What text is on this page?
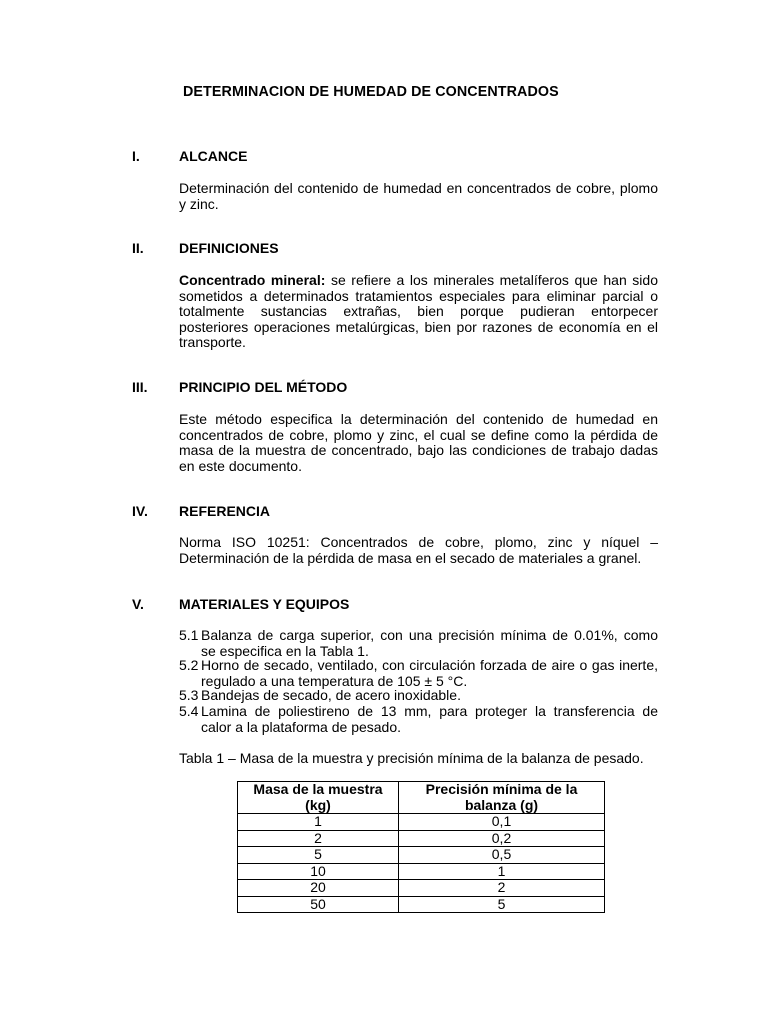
DETERMINACION DE HUMEDAD DE CONCENTRADOS
I.	ALCANCE

Determinación del contenido de humedad en concentrados de cobre, plomo

y zinc.

II.	DEFINICIONES

Concentrado mineral: se refiere a los minerales metalíferos que han sido

sometidos a determinados tratamientos especiales para eliminar parcial o

totalmente sustancias extrañas, bien porque pudieran entorpecer

posteriores operaciones metalúrgicas, bien por razones de economía en el

transporte.

III. PRINCIPIO DEL MÉTODO

Este método especifica la determinación del contenido de humedad en

concentrados de cobre, plomo y zinc, el cual se define como la pérdida de

masa de la muestra de concentrado, bajo las condiciones de trabajo dadas

en este documento.

IV. REFERENCIA

Norma ISO 10251: Concentrados de cobre, plomo, zinc y níquel –

Determinación de la pérdida de masa en el secado de materiales a granel.

V.	MATERIALES Y EQUIPOS
5.1 Balanza de carga superior, con una precisión mínima de 0.01%, como
se especifica en la Tabla 1.
5.2 Horno de secado, ventilado, con circulación forzada de aire o gas inerte,
regulado a una temperatura de 105 ± 5 °C.
5.3 Bandejas de secado, de acero inoxidable.
5.4 Lamina de poliestireno de 13 mm, para proteger la transferencia de
calor a la plataforma de pesado.
Tabla 1 – Masa de la muestra y precisión mínima de la balanza de pesado.
Masa de la muestra (kg)	Precisión mínima de la balanza (g)
1	0,1
2	0,2
5	0,5
10	1
20	2
50	5
